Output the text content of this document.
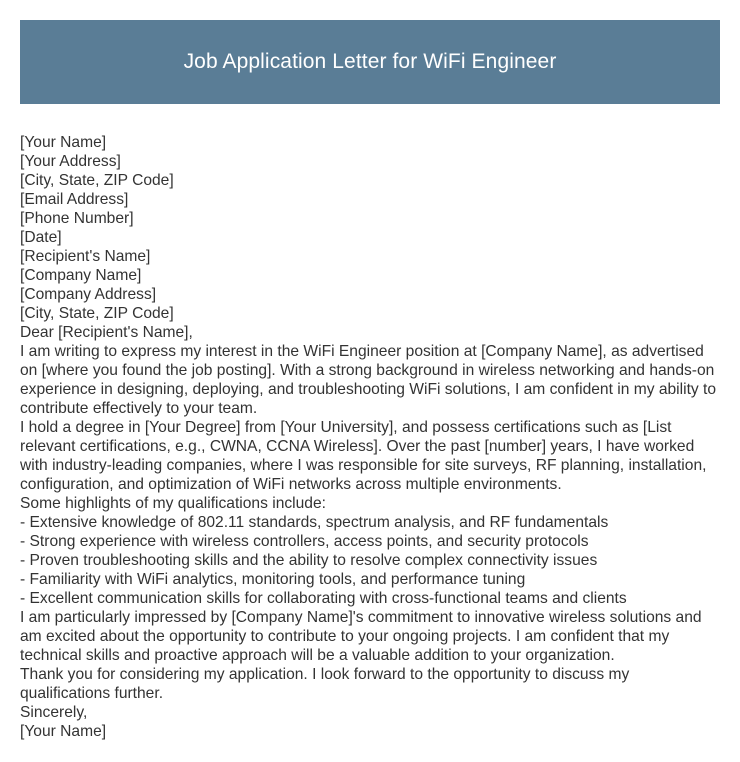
Job Application Letter for WiFi Engineer

[Your Name]

[Your Address]

[City, State, ZIP Code]

[Email Address]

[Phone Number]

[Date]

[Recipient's Name]

[Company Name]

[Company Address]

[City, State, ZIP Code]

Dear [Recipient's Name],

I am writing to express my interest in the WiFi Engineer position at [Company Name], as advertised on [where you found the job posting]. With a strong background in wireless networking and hands-on experience in designing, deploying, and troubleshooting WiFi solutions, I am confident in my ability to contribute effectively to your team.

I hold a degree in [Your Degree] from [Your University], and possess certifications such as [List relevant certifications, e.g., CWNA, CCNA Wireless]. Over the past [number] years, I have worked with industry-leading companies, where I was responsible for site surveys, RF planning, installation, configuration, and optimization of WiFi networks across multiple environments.

Some highlights of my qualifications include:

- Extensive knowledge of 802.11 standards, spectrum analysis, and RF fundamentals

- Strong experience with wireless controllers, access points, and security protocols

- Proven troubleshooting skills and the ability to resolve complex connectivity issues

- Familiarity with WiFi analytics, monitoring tools, and performance tuning

- Excellent communication skills for collaborating with cross-functional teams and clients

I am particularly impressed by [Company Name]'s commitment to innovative wireless solutions and am excited about the opportunity to contribute to your ongoing projects. I am confident that my technical skills and proactive approach will be a valuable addition to your organization.

Thank you for considering my application. I look forward to the opportunity to discuss my qualifications further.

Sincerely,

[Your Name]
